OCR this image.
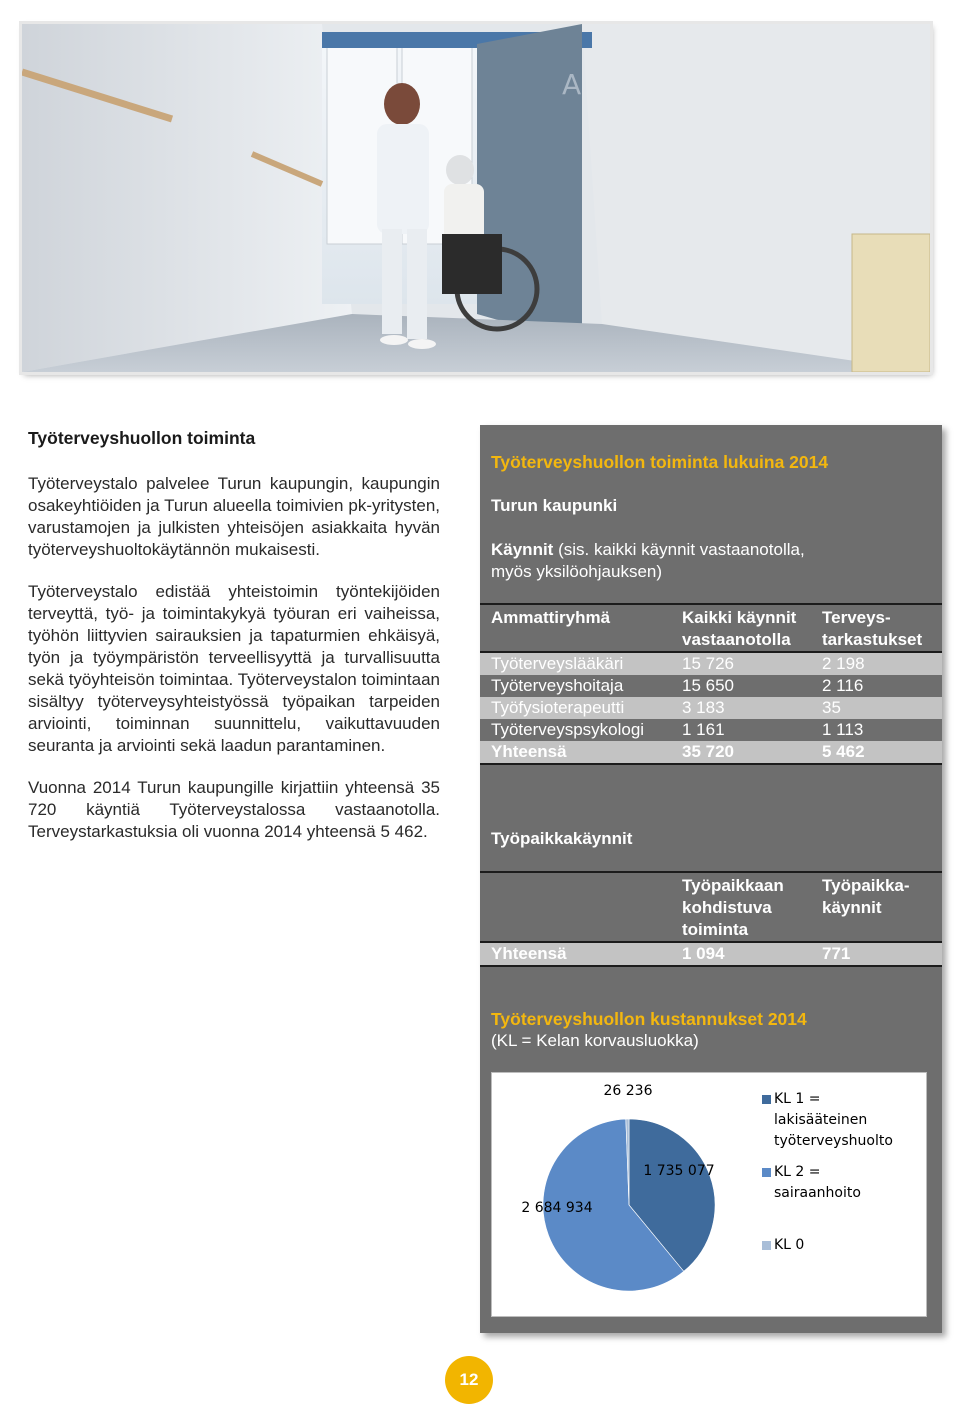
A
Työterveyshuollon toiminta

Työterveystalo palvelee Turun kaupungin, kaupungin osakeyhtiöiden ja Turun alueella toimivien pk-yritysten, varustamojen ja julkisten yhteisöjen asiakkaita hyvän työterveyshuoltokäytännön mukaisesti.

Työterveystalo edistää yhteistoimin työntekijöiden terveyttä, työ- ja toimintakykyä työuran eri vaiheissa, työhön liittyvien sairauksien ja tapaturmien ehkäisyä, työn ja työympäristön terveellisyyttä ja turvallisuutta sekä työyhteisön toimintaa. Työterveystalon toimintaan sisältyy työterveysyhteistyössä työpaikan tarpeiden arviointi, toiminnan suunnittelu, vaikuttavuuden seuranta ja arviointi sekä laadun parantaminen.

Vuonna 2014 Turun kaupungille kirjattiin yhteensä 35 720 käyntiä Työterveystalossa vastaanotolla. Terveystarkastuksia oli vuonna 2014 yhteensä 5 462.

Työterveyshuollon toiminta lukuina 2014
Turun kaupunki
Käynnit (sis. kaikki käynnit vastaanotolla,
myös yksilöohjauksen)
Ammattiryhmä	Kaikki käynnit vastaanotolla	Terveys-tarkastukset

Työterveyslääkäri	15 726	2 198
Työterveyshoitaja	15 650	2 116
Työfysioterapeutti	3 183	35
Työterveyspsykologi	1 161	1 113
Yhteensä	35 720	5 462

Työpaikkakäynnit
	Työpaikkaan kohdistuva toiminta	Työpaikka-käynnit

Yhteensä	1 094	771

Työterveyshuollon kustannukset 2014
(KL = Kelan korvausluokka)
1 735 077
2 684 934
26 236	KL 1 =
lakisääteinen
työterveyshuolto
KL 2 =
sairaanhoito
KL 0
12
